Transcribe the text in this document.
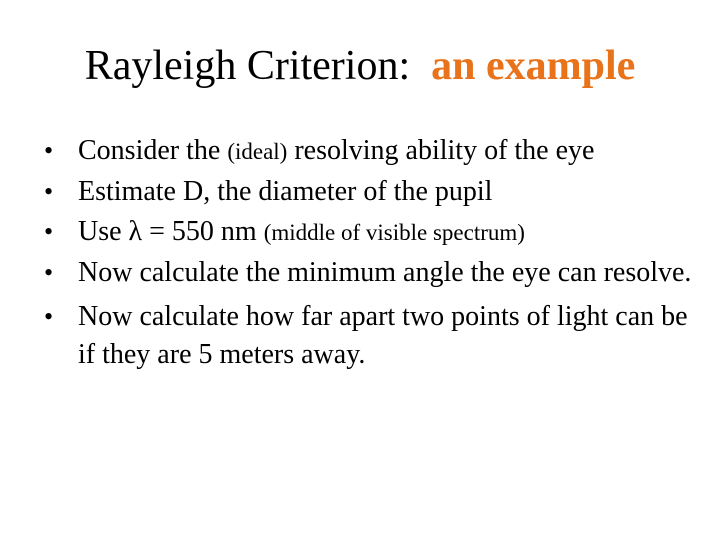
Rayleigh Criterion: an example
• Consider the (ideal) resolving ability of the eye
• Estimate D, the diameter of the pupil
• Use λ = 550 nm (middle of visible spectrum)
• Now calculate the minimum angle the eye can resolve.
• Now calculate how far apart two points of light can be if they are 5 meters away.
